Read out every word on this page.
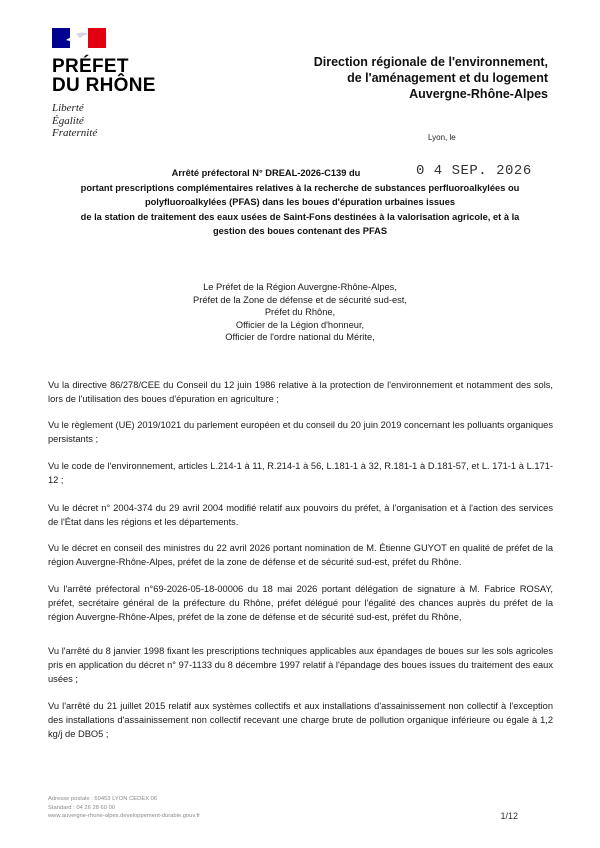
PRÉFET
DU RHÔNE
Liberté
Égalité
Fraternité
Direction régionale de l'environnement,
de l'aménagement et du logement
Auvergne-Rhône-Alpes
Lyon, le
Arrêté préfectoral N° DREAL-2026-C139 du
portant prescriptions complémentaires relatives à la recherche de substances perfluoroalkylées ou
polyfluoroalkylées (PFAS) dans les boues d'épuration urbaines issues
de la station de traitement des eaux usées de Saint-Fons destinées à la valorisation agricole, et à la
gestion des boues contenant des PFAS
0 4 SEP. 2026
Le Préfet de la Région Auvergne-Rhône-Alpes,
Préfet de la Zone de défense et de sécurité sud-est,
Préfet du Rhône,
Officier de la Légion d'honneur,
Officier de l'ordre national du Mérite,
Vu la directive 86/278/CEE du Conseil du 12 juin 1986 relative à la protection de l'environnement et notamment des sols, lors de l'utilisation des boues d'épuration en agriculture ;
Vu le règlement (UE) 2019/1021 du parlement européen et du conseil du 20 juin 2019 concernant les polluants organiques persistants ;
Vu le code de l'environnement, articles L.214-1 à 11, R.214-1 à 56, L.181-1 à 32, R.181-1 à D.181-57, et L. 171-1 à L.171-12 ;
Vu le décret n° 2004-374 du 29 avril 2004 modifié relatif aux pouvoirs du préfet, à l'organisation et à l'action des services de l'État dans les régions et les départements.
Vu le décret en conseil des ministres du 22 avril 2026 portant nomination de M. Étienne GUYOT en qualité de préfet de la région Auvergne-Rhône-Alpes, préfet de la zone de défense et de sécurité sud-est, préfet du Rhône.
Vu l'arrêté préfectoral n°69-2026-05-18-00006 du 18 mai 2026 portant délégation de signature à M. Fabrice ROSAY, préfet, secrétaire général de la préfecture du Rhône, préfet délégué pour l'égalité des chances auprès du préfet de la région Auvergne-Rhône-Alpes, préfet de la zone de défense et de sécurité sud-est, préfet du Rhône,
Vu l'arrêté du 8 janvier 1998 fixant les prescriptions techniques applicables aux épandages de boues sur les sols agricoles pris en application du décret n° 97-1133 du 8 décembre 1997 relatif à l'épandage des boues issues du traitement des eaux usées ;
Vu l'arrêté du 21 juillet 2015 relatif aux systèmes collectifs et aux installations d'assainissement non collectif à l'exception des installations d'assainissement non collectif recevant une charge brute de pollution organique inférieure ou égale à 1,2 kg/j de DBO5 ;
Adresse postale : 69453 LYON CEDEX 06
Standard : 04 26 28 60 00
www.auvergne-rhone-alpes.developpement-durable.gouv.fr	1/12
